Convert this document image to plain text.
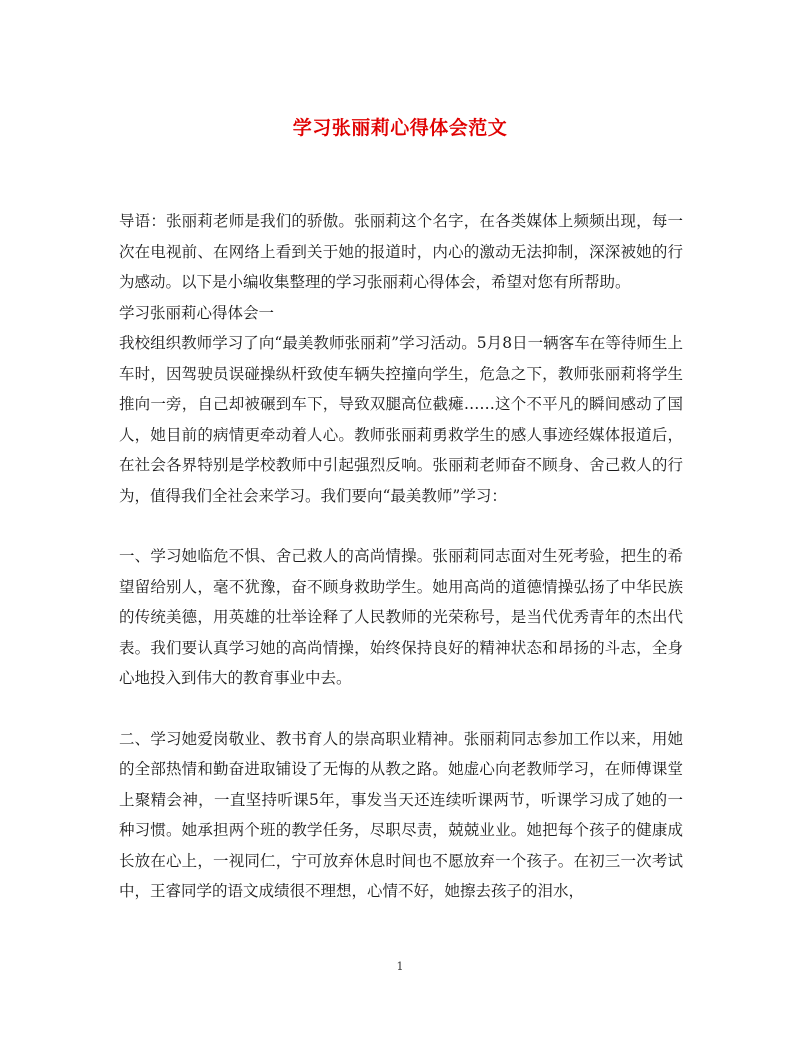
学习张丽莉心得体会范文

导语：张丽莉老师是我们的骄傲。张丽莉这个名字，在各类媒体上频频出现，每一次在电视前、在网络上看到关于她的报道时，内心的激动无法抑制，深深被她的行为感动。以下是小编收集整理的学习张丽莉心得体会，希望对您有所帮助。

学习张丽莉心得体会一

我校组织教师学习了向“最美教师张丽莉”学习活动。5月8日一辆客车在等待师生上车时，因驾驶员误碰操纵杆致使车辆失控撞向学生，危急之下，教师张丽莉将学生推向一旁，自己却被碾到车下，导致双腿高位截瘫……这个不平凡的瞬间感动了国人，她目前的病情更牵动着人心。教师张丽莉勇救学生的感人事迹经媒体报道后，在社会各界特别是学校教师中引起强烈反响。张丽莉老师奋不顾身、舍己救人的行为，值得我们全社会来学习。我们要向“最美教师”学习：

一、学习她临危不惧、舍己救人的高尚情操。张丽莉同志面对生死考验，把生的希望留给别人，毫不犹豫，奋不顾身救助学生。她用高尚的道德情操弘扬了中华民族的传统美德，用英雄的壮举诠释了人民教师的光荣称号，是当代优秀青年的杰出代表。我们要认真学习她的高尚情操，始终保持良好的精神状态和昂扬的斗志，全身心地投入到伟大的教育事业中去。

二、学习她爱岗敬业、教书育人的崇高职业精神。张丽莉同志参加工作以来，用她的全部热情和勤奋进取铺设了无悔的从教之路。她虚心向老教师学习，在师傅课堂上聚精会神，一直坚持听课5年，事发当天还连续听课两节，听课学习成了她的一种习惯。她承担两个班的教学任务，尽职尽责，兢兢业业。她把每个孩子的健康成长放在心上，一视同仁，宁可放弃休息时间也不愿放弃一个孩子。在初三一次考试中，王睿同学的语文成绩很不理想，心情不好，她擦去孩子的泪水，

1
